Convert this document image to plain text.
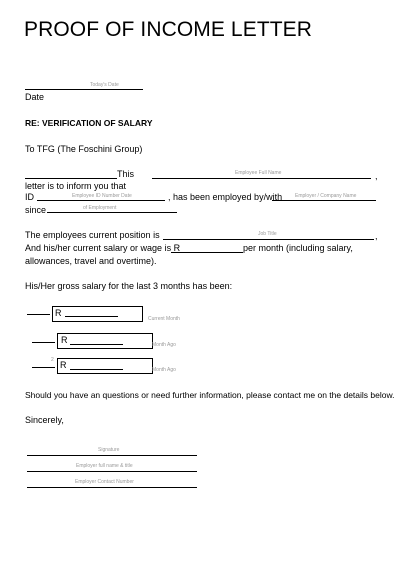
PROOF OF INCOME LETTER
Today's Date
Date
RE: VERIFICATION OF SALARY
To TFG (The Foschini Group)
This	Employee Full Name	,
letter is to inform you that
ID	Employee ID Number Date	, has been employed by/with	Employer / Company Name
since	of Employment
The employees current position is	Job Title	,
And his/her current salary or wage is R	per month (including salary,
allowances, travel and overtime).
His/Her gross salary for the last 3 months has been:
R
Current Month
R	Month Ago
2 R	Month Ago
Should you have an questions or need further information, please contact me on the details below.
Sincerely,
Signature
Employer full name & title
Employer Contact Number
